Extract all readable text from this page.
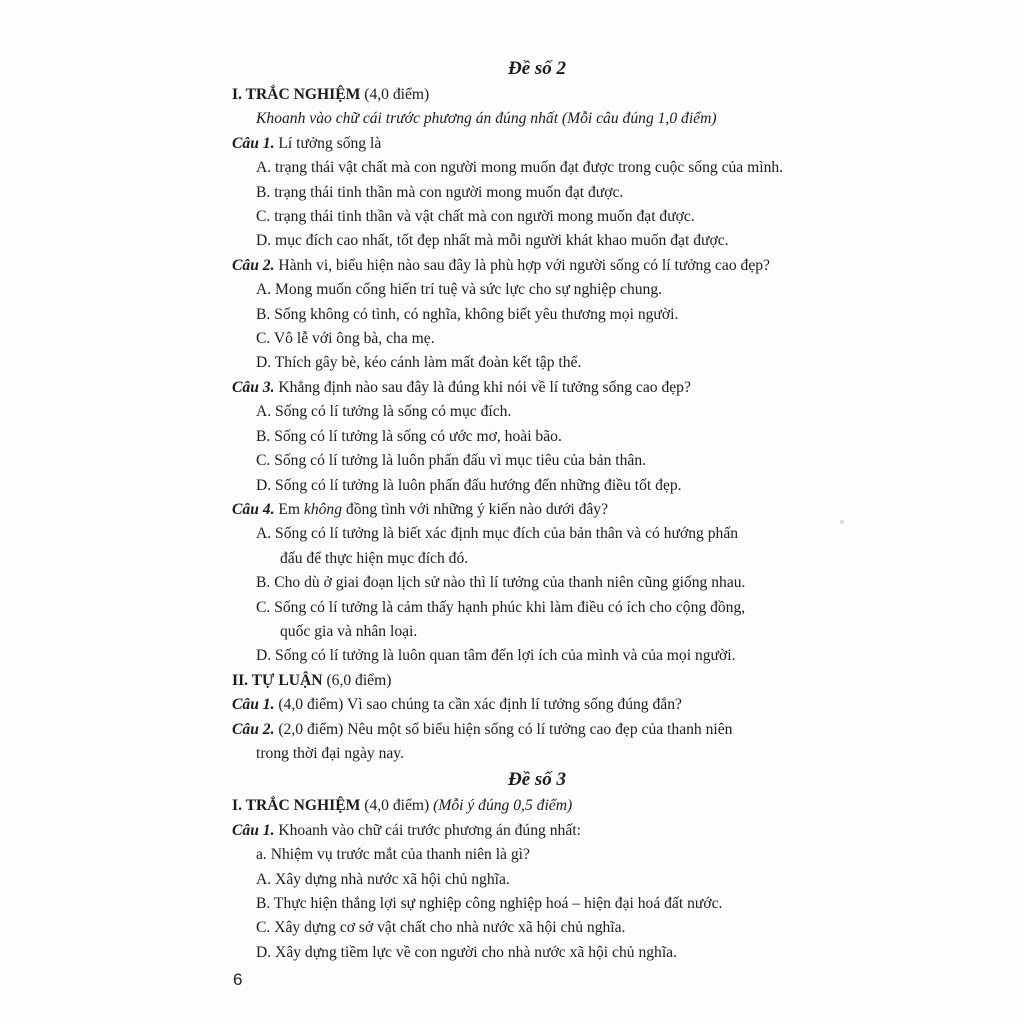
Đề số 2
I. TRẮC NGHIỆM (4,0 điểm)
Khoanh vào chữ cái trước phương án đúng nhất (Mỗi câu đúng 1,0 điểm)
Câu 1. Lí tưởng sống là
A. trạng thái vật chất mà con người mong muốn đạt được trong cuộc sống của mình.
B. trạng thái tinh thần mà con người mong muốn đạt được.
C. trạng thái tinh thần và vật chất mà con người mong muốn đạt được.
D. mục đích cao nhất, tốt đẹp nhất mà mỗi người khát khao muốn đạt được.
Câu 2. Hành vi, biểu hiện nào sau đây là phù hợp với người sống có lí tưởng cao đẹp?
A. Mong muốn cống hiến trí tuệ và sức lực cho sự nghiệp chung.
B. Sống không có tình, có nghĩa, không biết yêu thương mọi người.
C. Vô lễ với ông bà, cha mẹ.
D. Thích gây bè, kéo cánh làm mất đoàn kết tập thể.
Câu 3. Khẳng định nào sau đây là đúng khi nói về lí tưởng sống cao đẹp?
A. Sống có lí tưởng là sống có mục đích.
B. Sống có lí tưởng là sống có ước mơ, hoài bão.
C. Sống có lí tưởng là luôn phấn đấu vì mục tiêu của bản thân.
D. Sống có lí tưởng là luôn phấn đấu hướng đến những điều tốt đẹp.
Câu 4. Em không đồng tình với những ý kiến nào dưới đây?
A. Sống có lí tưởng là biết xác định mục đích của bản thân và có hướng phấn
đấu để thực hiện mục đích đó.
B. Cho dù ở giai đoạn lịch sử nào thì lí tưởng của thanh niên cũng giống nhau.
C. Sống có lí tưởng là cảm thấy hạnh phúc khi làm điều có ích cho cộng đồng,
quốc gia và nhân loại.
D. Sống có lí tưởng là luôn quan tâm đến lợi ích của mình và của mọi người.
II. TỰ LUẬN (6,0 điểm)
Câu 1. (4,0 điểm) Vì sao chúng ta cần xác định lí tưởng sống đúng đắn?
Câu 2. (2,0 điểm) Nêu một số biểu hiện sống có lí tưởng cao đẹp của thanh niên
trong thời đại ngày nay.
Đề số 3
I. TRẮC NGHIỆM (4,0 điểm) (Mỗi ý đúng 0,5 điểm)
Câu 1. Khoanh vào chữ cái trước phương án đúng nhất:
a. Nhiệm vụ trước mắt của thanh niên là gì?
A. Xây dựng nhà nước xã hội chủ nghĩa.
B. Thực hiện thắng lợi sự nghiệp công nghiệp hoá – hiện đại hoá đất nước.
C. Xây dựng cơ sở vật chất cho nhà nước xã hội chủ nghĩa.
D. Xây dựng tiềm lực về con người cho nhà nước xã hội chủ nghĩa.
6
